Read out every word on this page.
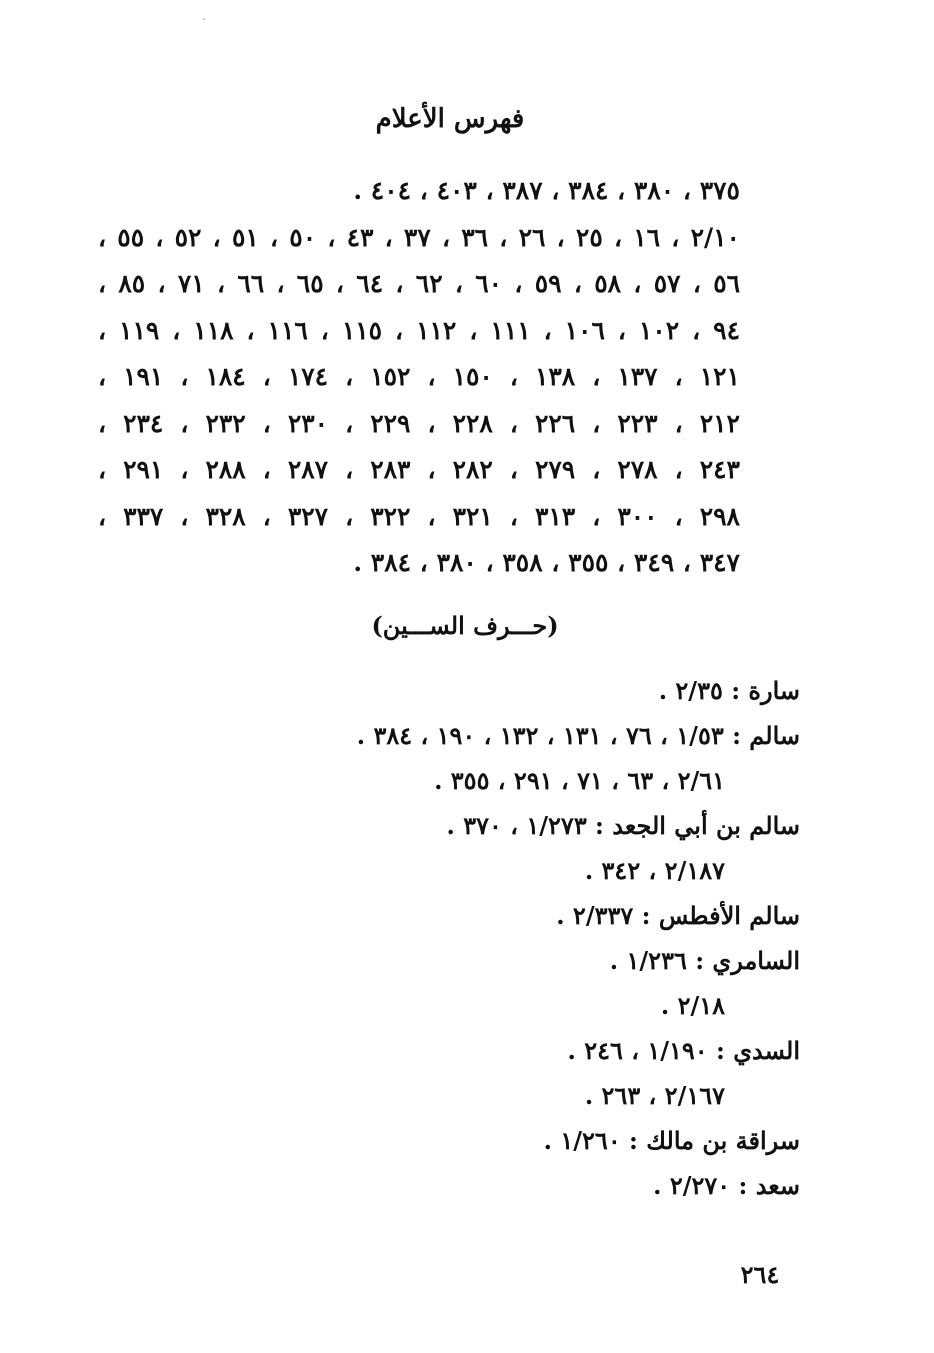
فهرس الأعلام
٣٧٥ ، ٣٨٠ ، ٣٨٤ ، ٣٨٧ ، ٤٠٣ ، ٤٠٤ .
٢/١٠ ، ١٦ ، ٢٥ ، ٢٦ ، ٣٦ ، ٣٧ ، ٤٣ ، ٥٠ ، ٥١ ، ٥٢ ، ٥٥ ،
٥٦ ، ٥٧ ، ٥٨ ، ٥٩ ، ٦٠ ، ٦٢ ، ٦٤ ، ٦٥ ، ٦٦ ، ٧١ ، ٨٥ ،
٩٤ ، ١٠٢ ، ١٠٦ ، ١١١ ، ١١٢ ، ١١٥ ، ١١٦ ، ١١٨ ، ١١٩ ،
١٢١ ، ١٣٧ ، ١٣٨ ، ١٥٠ ، ١٥٢ ، ١٧٤ ، ١٨٤ ، ١٩١ ،
٢١٢ ، ٢٢٣ ، ٢٢٦ ، ٢٢٨ ، ٢٢٩ ، ٢٣٠ ، ٢٣٢ ، ٢٣٤ ،
٢٤٣ ، ٢٧٨ ، ٢٧٩ ، ٢٨٢ ، ٢٨٣ ، ٢٨٧ ، ٢٨٨ ، ٢٩١ ،
٢٩٨ ، ٣٠٠ ، ٣١٣ ، ٣٢١ ، ٣٢٢ ، ٣٢٧ ، ٣٢٨ ، ٣٣٧ ،
٣٤٧ ، ٣٤٩ ، ٣٥٥ ، ٣٥٨ ، ٣٨٠ ، ٣٨٤ .
(حـــرف الســـين)
سارة : ٢/٣٥ .
سالم : ١/٥٣ ، ٧٦ ، ١٣١ ، ١٣٢ ، ١٩٠ ، ٣٨٤ .
٢/٦١ ، ٦٣ ، ٧١ ، ٢٩١ ، ٣٥٥ .
سالم بن أبي الجعد : ١/٢٧٣ ، ٣٧٠ .
٢/١٨٧ ، ٣٤٢ .
سالم الأفطس : ٢/٣٣٧ .
السامري : ١/٢٣٦ .
٢/١٨ .
السدي : ١/١٩٠ ، ٢٤٦ .
٢/١٦٧ ، ٢٦٣ .
سراقة بن مالك : ١/٢٦٠ .
سعد : ٢/٢٧٠ .
٢٦٤
